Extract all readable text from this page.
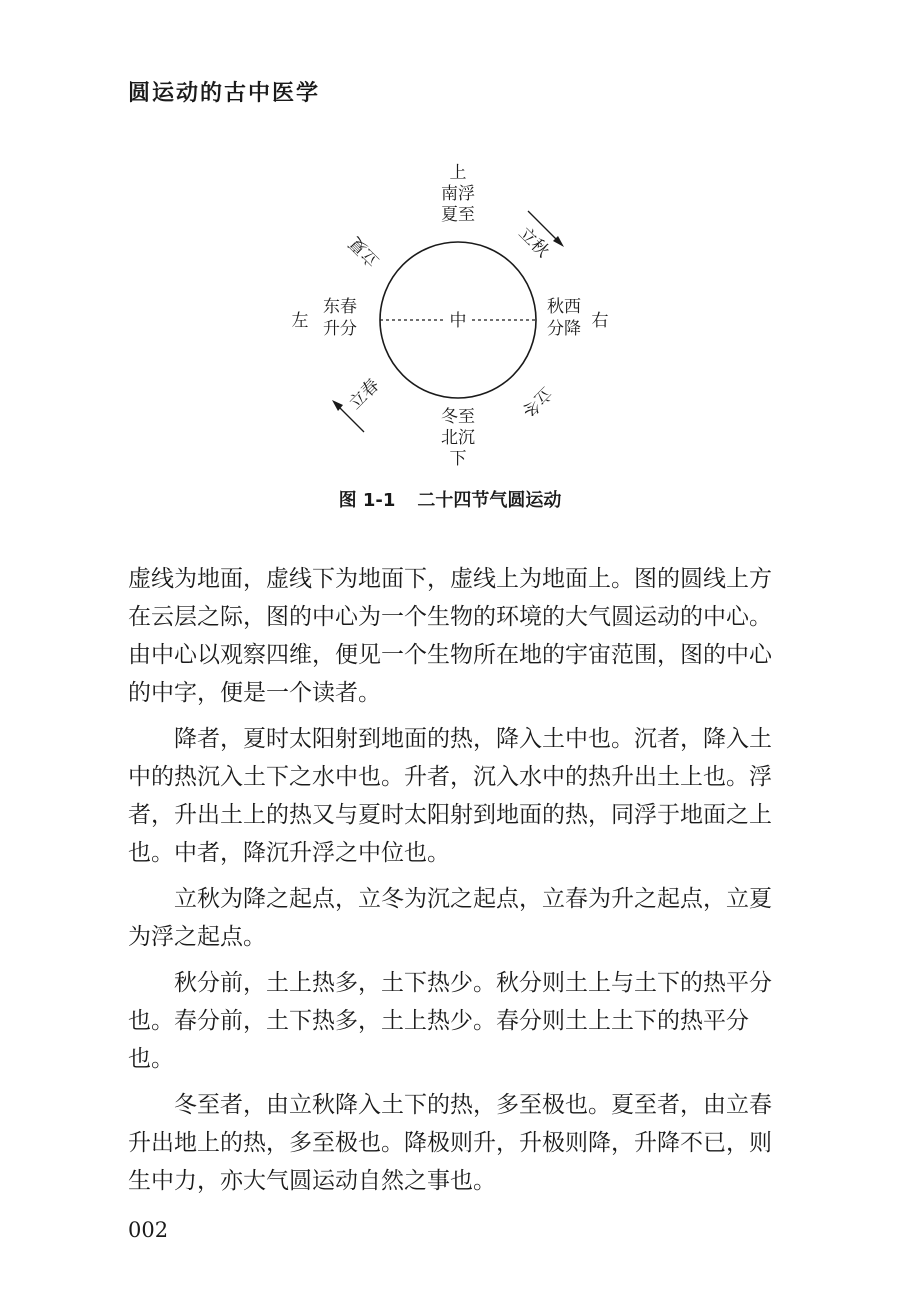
圆运动的古中医学
中
上
南浮
夏至
冬至
北沉
下
左
东春
升分
秋西
分降 右
立夏	立秋
立春	立冬
图 1-1 二十四节气圆运动

虚线为地面，虚线下为地面下，虚线上为地面上。图的圆线上方在云层之际，图的中心为一个生物的环境的大气圆运动的中心。由中心以观察四维，便见一个生物所在地的宇宙范围，图的中心的中字，便是一个读者。

降者，夏时太阳射到地面的热，降入土中也。沉者，降入土中的热沉入土下之水中也。升者，沉入水中的热升出土上也。浮者，升出土上的热又与夏时太阳射到地面的热，同浮于地面之上也。中者，降沉升浮之中位也。

立秋为降之起点，立冬为沉之起点，立春为升之起点，立夏为浮之起点。

秋分前，土上热多，土下热少。秋分则土上与土下的热平分也。春分前，土下热多，土上热少。春分则土上土下的热平分也。

冬至者，由立秋降入土下的热，多至极也。夏至者，由立春升出地上的热，多至极也。降极则升，升极则降，升降不已，则生中力，亦大气圆运动自然之事也。

002
